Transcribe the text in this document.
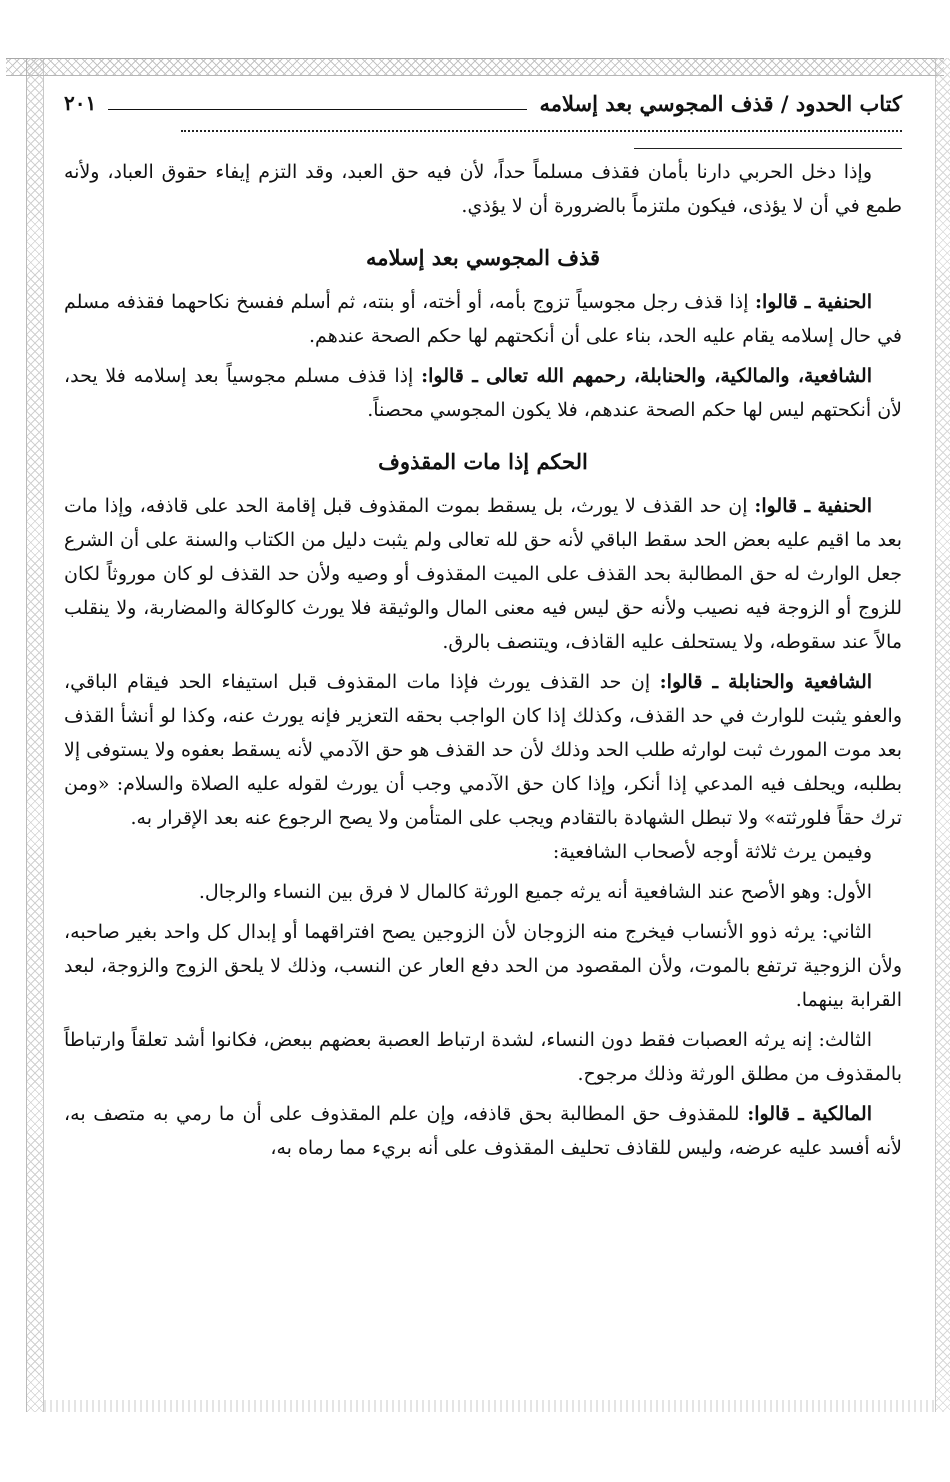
كتاب الحدود / قذف المجوسي بعد إسلامه
٢٠١

وإذا دخل الحربي دارنا بأمان فقذف مسلماً حداً، لأن فيه حق العبد، وقد التزم إيفاء حقوق العباد، ولأنه طمع في أن لا يؤذى، فيكون ملتزماً بالضرورة أن لا يؤذي.

قذف المجوسي بعد إسلامه

الحنفية ـ قالوا: إذا قذف رجل مجوسياً تزوج بأمه، أو أخته، أو بنته، ثم أسلم ففسخ نكاحهما فقذفه مسلم في حال إسلامه يقام عليه الحد، بناء على أن أنكحتهم لها حكم الصحة عندهم.

الشافعية، والمالكية، والحنابلة، رحمهم الله تعالى ـ قالوا: إذا قذف مسلم مجوسياً بعد إسلامه فلا يحد، لأن أنكحتهم ليس لها حكم الصحة عندهم، فلا يكون المجوسي محصناً.

الحكم إذا مات المقذوف

الحنفية ـ قالوا: إن حد القذف لا يورث، بل يسقط بموت المقذوف قبل إقامة الحد على قاذفه، وإذا مات بعد ما اقيم عليه بعض الحد سقط الباقي لأنه حق لله تعالى ولم يثبت دليل من الكتاب والسنة على أن الشرع جعل الوارث له حق المطالبة بحد القذف على الميت المقذوف أو وصيه ولأن حد القذف لو كان موروثاً لكان للزوج أو الزوجة فيه نصيب ولأنه حق ليس فيه معنى المال والوثيقة فلا يورث كالوكالة والمضاربة، ولا ينقلب مالاً عند سقوطه، ولا يستحلف عليه القاذف، ويتنصف بالرق.

الشافعية والحنابلة ـ قالوا: إن حد القذف يورث فإذا مات المقذوف قبل استيفاء الحد فيقام الباقي، والعفو يثبت للوارث في حد القذف، وكذلك إذا كان الواجب بحقه التعزير فإنه يورث عنه، وكذا لو أنشأ القذف بعد موت المورث ثبت لوارثه طلب الحد وذلك لأن حد القذف هو حق الآدمي لأنه يسقط بعفوه ولا يستوفى إلا بطلبه، ويحلف فيه المدعي إذا أنكر، وإذا كان حق الآدمي وجب أن يورث لقوله عليه الصلاة والسلام: «ومن ترك حقاً فلورثته» ولا تبطل الشهادة بالتقادم ويجب على المتأمن ولا يصح الرجوع عنه بعد الإقرار به.

وفيمن يرث ثلاثة أوجه لأصحاب الشافعية:

الأول: وهو الأصح عند الشافعية أنه يرثه جميع الورثة كالمال لا فرق بين النساء والرجال.

الثاني: يرثه ذوو الأنساب فيخرج منه الزوجان لأن الزوجين يصح افتراقهما أو إبدال كل واحد بغير صاحبه، ولأن الزوجية ترتفع بالموت، ولأن المقصود من الحد دفع العار عن النسب، وذلك لا يلحق الزوج والزوجة، لبعد القرابة بينهما.

الثالث: إنه يرثه العصبات فقط دون النساء، لشدة ارتباط العصبة بعضهم ببعض، فكانوا أشد تعلقاً وارتباطاً بالمقذوف من مطلق الورثة وذلك مرجوح.

المالكية ـ قالوا: للمقذوف حق المطالبة بحق قاذفه، وإن علم المقذوف على أن ما رمي به متصف به، لأنه أفسد عليه عرضه، وليس للقاذف تحليف المقذوف على أنه بريء مما رماه به،
